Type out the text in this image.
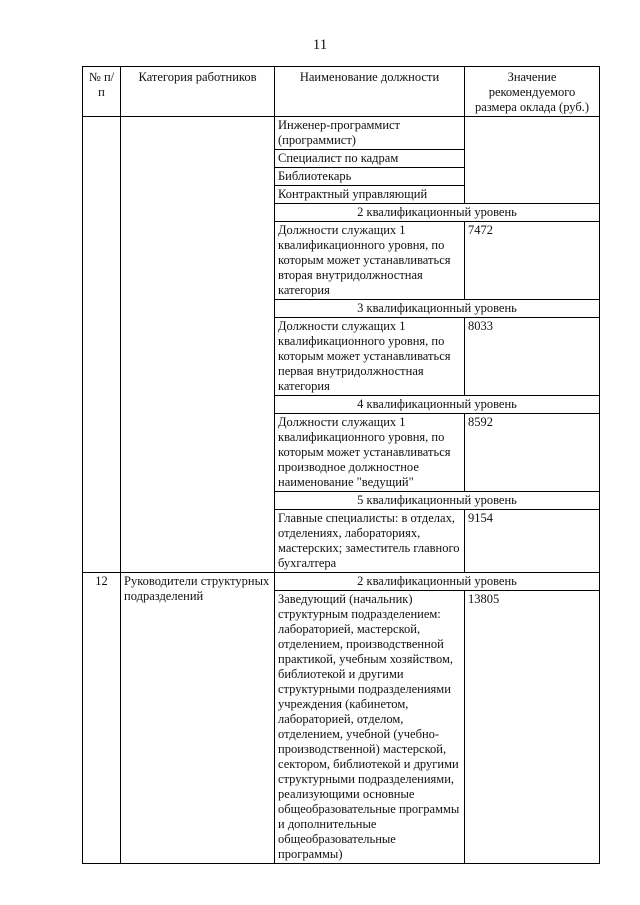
11
№ п/п	Категория работников	Наименование должности	Значение рекомендуемого размера оклада (руб.)
		Инженер-программист (программист)	
		Специалист по кадрам	
		Библиотекарь	
		Контрактный управляющий	
		2 квалификационный уровень	
		Должности служащих 1 квалификационного уровня, по которым может устанавливаться вторая внутридолжностная категория	7472
		3 квалификационный уровень	
		Должности служащих 1 квалификационного уровня, по которым может устанавливаться первая внутридолжностная категория	8033
		4 квалификационный уровень	
		Должности служащих 1 квалификационного уровня, по которым может устанавливаться производное должностное наименование "ведущий"	8592
		5 квалификационный уровень	
		Главные специалисты: в отделах, отделениях, лабораториях, мастерских; заместитель главного бухгалтера	9154
12	Руководители структурных подразделений	2 квалификационный уровень	
		Заведующий (начальник) структурным подразделением: лабораторией, мастерской, отделением, производственной практикой, учебным хозяйством, библиотекой и другими структурными подразделениями учреждения (кабинетом, лабораторией, отделом, отделением, учебной (учебно-производственной) мастерской, сектором, библиотекой и другими структурными подразделениями, реализующими основные общеобразовательные программы и дополнительные общеобразовательные программы)	13805
